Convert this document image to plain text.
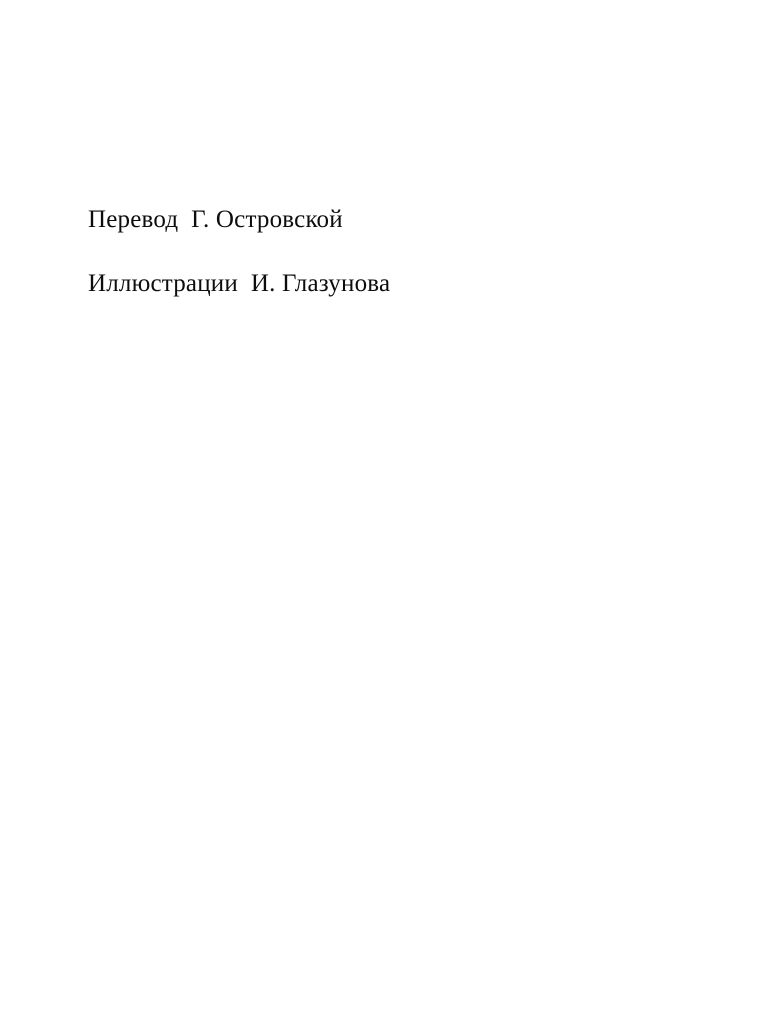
Перевод  Г. Островской
Иллюстрации  И. Глазунова
